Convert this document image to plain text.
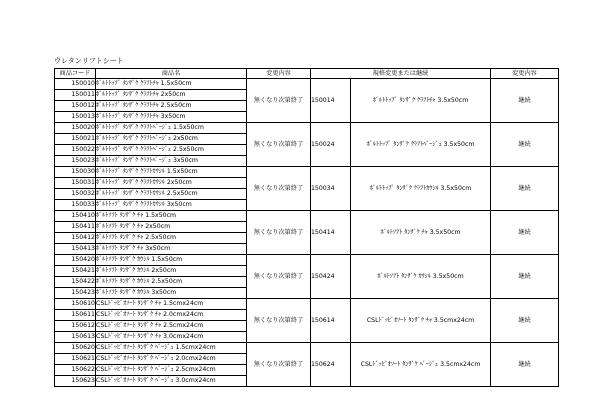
ウレタンリフトシート
商品コード	商品名	変更内容	規格変更または継続		変更内容
150010	ﾎﾞﾙﾄﾄｯﾌﾟ ﾀﾝｻﾞｸ ｸﾗﾌﾄﾁｬ 1.5x50cm	無くなり次第終了	150014	ﾎﾞﾙﾄﾄｯﾌﾟ ﾀﾝｻﾞｸ ｸﾗﾌﾄﾁｬ 3.5x50cm	継続
150011	ﾎﾞﾙﾄﾄｯﾌﾟ ﾀﾝｻﾞｸ ｸﾗﾌﾄﾁｬ 2x50cm				
150012	ﾎﾞﾙﾄﾄｯﾌﾟ ﾀﾝｻﾞｸ ｸﾗﾌﾄﾁｬ 2.5x50cm				
150013	ﾎﾞﾙﾄﾄｯﾌﾟ ﾀﾝｻﾞｸ ｸﾗﾌﾄﾁｬ 3x50cm				
150020	ﾎﾞﾙﾄﾄｯﾌﾟ ﾀﾝｻﾞｸ ｸﾗﾌﾄﾍﾞｰｼﾞｭ 1.5x50cm	無くなり次第終了	150024	ﾎﾞﾙﾄﾄｯﾌﾟ ﾀﾝｻﾞｸ ｸﾗﾌﾄﾍﾞｰｼﾞｭ 3.5x50cm	継続
150021	ﾎﾞﾙﾄﾄｯﾌﾟ ﾀﾝｻﾞｸ ｸﾗﾌﾄﾍﾞｰｼﾞｭ 2x50cm				
150022	ﾎﾞﾙﾄﾄｯﾌﾟ ﾀﾝｻﾞｸ ｸﾗﾌﾄﾍﾞｰｼﾞｭ 2.5x50cm				
150023	ﾎﾞﾙﾄﾄｯﾌﾟ ﾀﾝｻﾞｸ ｸﾗﾌﾄﾍﾞｰｼﾞｭ 3x50cm				
150030	ﾎﾞﾙﾄﾄｯﾌﾟ ﾀﾝｻﾞｸ ｸﾗﾌﾄｶｳｼﾙ 1.5x50cm	無くなり次第終了	150034	ﾎﾞﾙﾄﾄｯﾌﾟ ﾀﾝｻﾞｸ ｸﾗﾌﾄｶｳｼﾙ 3.5x50cm	継続
150031	ﾎﾞﾙﾄﾄｯﾌﾟ ﾀﾝｻﾞｸ ｸﾗﾌﾄｶｳｼﾙ 2x50cm				
150032	ﾎﾞﾙﾄﾄｯﾌﾟ ﾀﾝｻﾞｸ ｸﾗﾌﾄｶｳｼﾙ 2.5x50cm				
150033	ﾎﾞﾙﾄﾄｯﾌﾟ ﾀﾝｻﾞｸ ｸﾗﾌﾄｶｳｼﾙ 3x50cm				
150410	ﾎﾞﾙﾄｿﾌﾄ ﾀﾝｻﾞｸ ﾁｬ 1.5x50cm	無くなり次第終了	150414	ﾎﾞﾙﾄｿﾌﾄ ﾀﾝｻﾞｸ ﾁｬ 3.5x50cm	継続
150411	ﾎﾞﾙﾄｿﾌﾄ ﾀﾝｻﾞｸ ﾁｬ 2x50cm				
150412	ﾎﾞﾙﾄｿﾌﾄ ﾀﾝｻﾞｸ ﾁｬ 2.5x50cm				
150413	ﾎﾞﾙﾄｿﾌﾄ ﾀﾝｻﾞｸ ﾁｬ 3x50cm				
150420	ﾎﾞﾙﾄｿﾌﾄ ﾀﾝｻﾞｸ ｶｳｼﾙ 1.5x50cm	無くなり次第終了	150424	ﾎﾞﾙﾄｿﾌﾄ ﾀﾝｻﾞｸ ｶｳｼﾙ 3.5x50cm	継続
150421	ﾎﾞﾙﾄｿﾌﾄ ﾀﾝｻﾞｸ ｶｳｼﾙ 2x50cm				
150422	ﾎﾞﾙﾄｿﾌﾄ ﾀﾝｻﾞｸ ｶｳｼﾙ 2.5x50cm				
150423	ﾎﾞﾙﾄｿﾌﾄ ﾀﾝｻﾞｸ ｶｳｼﾙ 3x50cm				
150610	CSLﾄﾞｯﾋﾞｵｿｰﾄ ﾀﾝｻﾞｸ ﾁｬ 1.5cmx24cm	無くなり次第終了	150614	CSLﾄﾞｯﾋﾞｵｿｰﾄ ﾀﾝｻﾞｸ ﾁｬ 3.5cmx24cm	継続
150611	CSLﾄﾞｯﾋﾞｵｿｰﾄ ﾀﾝｻﾞｸ ﾁｬ 2.0cmx24cm				
150612	CSLﾄﾞｯﾋﾞｵｿｰﾄ ﾀﾝｻﾞｸ ﾁｬ 2.5cmx24cm				
150613	CSLﾄﾞｯﾋﾞｵｿｰﾄ ﾀﾝｻﾞｸ ﾁｬ 3.0cmx24cm				
150620	CSLﾄﾞｯﾋﾞｵｿｰﾄ ﾀﾝｻﾞｸ ﾍﾞｰｼﾞｭ 1.5cmx24cm	無くなり次第終了	150624	CSLﾄﾞｯﾋﾞｵｿｰﾄ ﾀﾝｻﾞｸ ﾍﾞｰｼﾞｭ 3.5cmx24cm	継続
150621	CSLﾄﾞｯﾋﾞｵｿｰﾄ ﾀﾝｻﾞｸ ﾍﾞｰｼﾞｭ 2.0cmx24cm				
150622	CSLﾄﾞｯﾋﾞｵｿｰﾄ ﾀﾝｻﾞｸ ﾍﾞｰｼﾞｭ 2.5cmx24cm				
150623	CSLﾄﾞｯﾋﾞｵｿｰﾄ ﾀﾝｻﾞｸ ﾍﾞｰｼﾞｭ 3.0cmx24cm				
